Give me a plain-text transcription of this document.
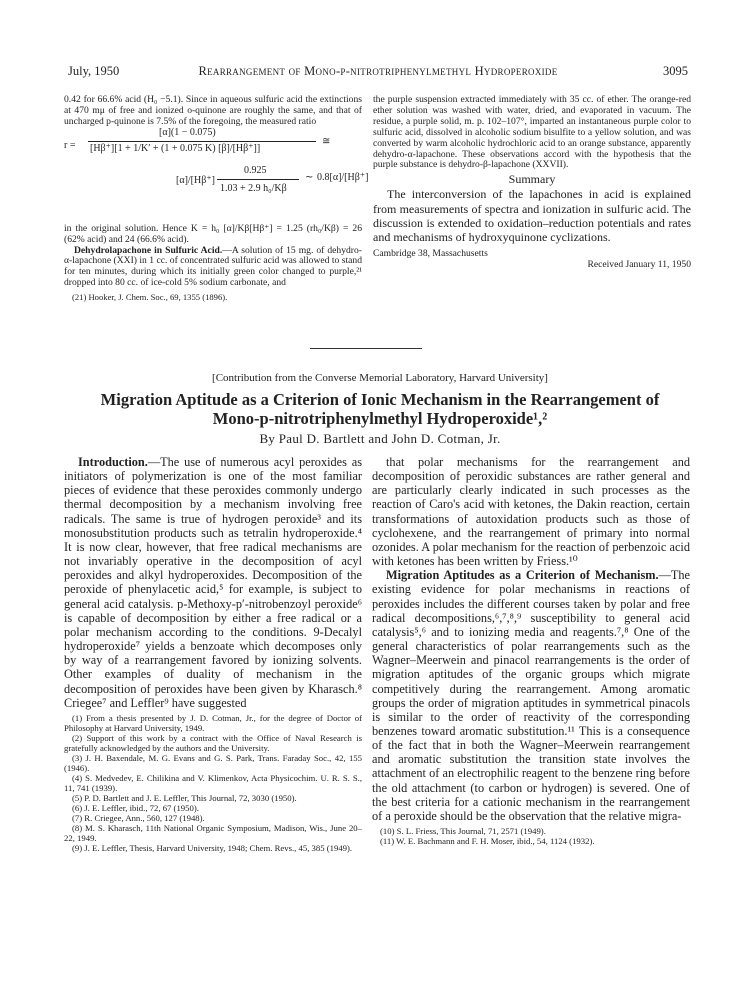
July, 1950	Rearrangement of Mono-p-nitrotriphenylmethyl Hydroperoxide	3095

0.42 for 66.6% acid (H₀ −5.1). Since in aqueous sulfuric acid the extinctions at 470 mμ of free and ionized o-quinone are roughly the same, and that of uncharged p-quinone is 7.5% of the foregoing, the measured ratio

r =
[α](1 − 0.075)
[Hβ⁺][1 + 1/K′ + (1 + 0.075 K) [β]/[Hβ⁺]]
≅
[α]/[Hβ⁺]
0.925
1.03 + 2.9 h₀/Kβ
∼ 0.8[α]/[Hβ⁺]

in the original solution. Hence K = h₀ [α]/Kβ[Hβ⁺] = 1.25 (rh₀/Kβ) = 26 (62% acid) and 24 (66.6% acid).

Dehydrolapachone in Sulfuric Acid.—A solution of 15 mg. of dehydro-α-lapachone (XXI) in 1 cc. of concentrated sulfuric acid was allowed to stand for ten minutes, during which its initially green color changed to purple,²¹ dropped into 80 cc. of ice-cold 5% sodium carbonate, and

(21) Hooker, J. Chem. Soc., 69, 1355 (1896).

the purple suspension extracted immediately with 35 cc. of ether. The orange-red ether solution was washed with water, dried, and evaporated in vacuum. The residue, a purple solid, m. p. 102–107°, imparted an instantaneous purple color to sulfuric acid, dissolved in alcoholic sodium bisulfite to a yellow solution, and was converted by warm alcoholic hydrochloric acid to an orange substance, apparently dehydro-α-lapachone. These observations accord with the hypothesis that the purple substance is dehydro-β-lapachone (XXVII).

Summary

The interconversion of the lapachones in acid is explained from measurements of spectra and ionization in sulfuric acid. The discussion is extended to oxidation–reduction potentials and rates and mechanisms of hydroxyquinone cyclizations.

Cambridge 38, Massachusetts
Received January 11, 1950
[Contribution from the Converse Memorial Laboratory, Harvard University]
Migration Aptitude as a Criterion of Ionic Mechanism in the Rearrangement of Mono-p-nitrotriphenylmethyl Hydroperoxide¹,²
By Paul D. Bartlett and John D. Cotman, Jr.

Introduction.—The use of numerous acyl peroxides as initiators of polymerization is one of the most familiar pieces of evidence that these peroxides commonly undergo thermal decomposition by a mechanism involving free radicals. The same is true of hydrogen peroxide³ and its monosubstitution products such as tetralin hydroperoxide.⁴ It is now clear, however, that free radical mechanisms are not invariably operative in the decomposition of acyl peroxides and alkyl hydroperoxides. Decomposition of the peroxide of phenylacetic acid,⁵ for example, is subject to general acid catalysis. p-Methoxy-p′-nitrobenzoyl peroxide⁶ is capable of decomposition by either a free radical or a polar mechanism according to the conditions. 9-Decalyl hydroperoxide⁷ yields a benzoate which decomposes only by way of a rearrangement favored by ionizing solvents. Other examples of duality of mechanism in the decomposition of peroxides have been given by Kharasch.⁸ Criegee⁷ and Leffler⁹ have suggested

(1) From a thesis presented by J. D. Cotman, Jr., for the degree of Doctor of Philosophy at Harvard University, 1949.
(2) Support of this work by a contract with the Office of Naval Research is gratefully acknowledged by the authors and the University.
(3) J. H. Baxendale, M. G. Evans and G. S. Park, Trans. Faraday Soc., 42, 155 (1946).
(4) S. Medvedev, E. Chilikina and V. Klimenkov, Acta Physicochim. U. R. S. S., 11, 741 (1939).
(5) P. D. Bartlett and J. E. Leffler, This Journal, 72, 3030 (1950).
(6) J. E. Leffler, ibid., 72, 67 (1950).
(7) R. Criegee, Ann., 560, 127 (1948).
(8) M. S. Kharasch, 11th National Organic Symposium, Madison, Wis., June 20–22, 1949.
(9) J. E. Leffler, Thesis, Harvard University, 1948; Chem. Revs., 45, 385 (1949).

that polar mechanisms for the rearrangement and decomposition of peroxidic substances are rather general and are particularly clearly indicated in such processes as the reaction of Caro's acid with ketones, the Dakin reaction, certain transformations of autoxidation products such as those of cyclohexene, and the rearrangement of primary into normal ozonides. A polar mechanism for the reaction of perbenzoic acid with ketones has been written by Friess.¹⁰

Migration Aptitudes as a Criterion of Mechanism.—The existing evidence for polar mechanisms in reactions of peroxides includes the different courses taken by polar and free radical decompositions,⁶,⁷,⁸,⁹ susceptibility to general acid catalysis⁵,⁶ and to ionizing media and reagents.⁷,⁸ One of the general characteristics of polar rearrangements such as the Wagner–Meerwein and pinacol rearrangements is the order of migration aptitudes of the organic groups which migrate competitively during the rearrangement. Among aromatic groups the order of migration aptitudes in symmetrical pinacols is similar to the order of reactivity of the corresponding benzenes toward aromatic substitution.¹¹ This is a consequence of the fact that in both the Wagner–Meerwein rearrangement and aromatic substitution the transition state involves the attachment of an electrophilic reagent to the benzene ring before the old attachment (to carbon or hydrogen) is severed. One of the best criteria for a cationic mechanism in the rearrangement of a peroxide should be the observation that the relative migra-

(10) S. L. Friess, This Journal, 71, 2571 (1949).
(11) W. E. Bachmann and F. H. Moser, ibid., 54, 1124 (1932).
